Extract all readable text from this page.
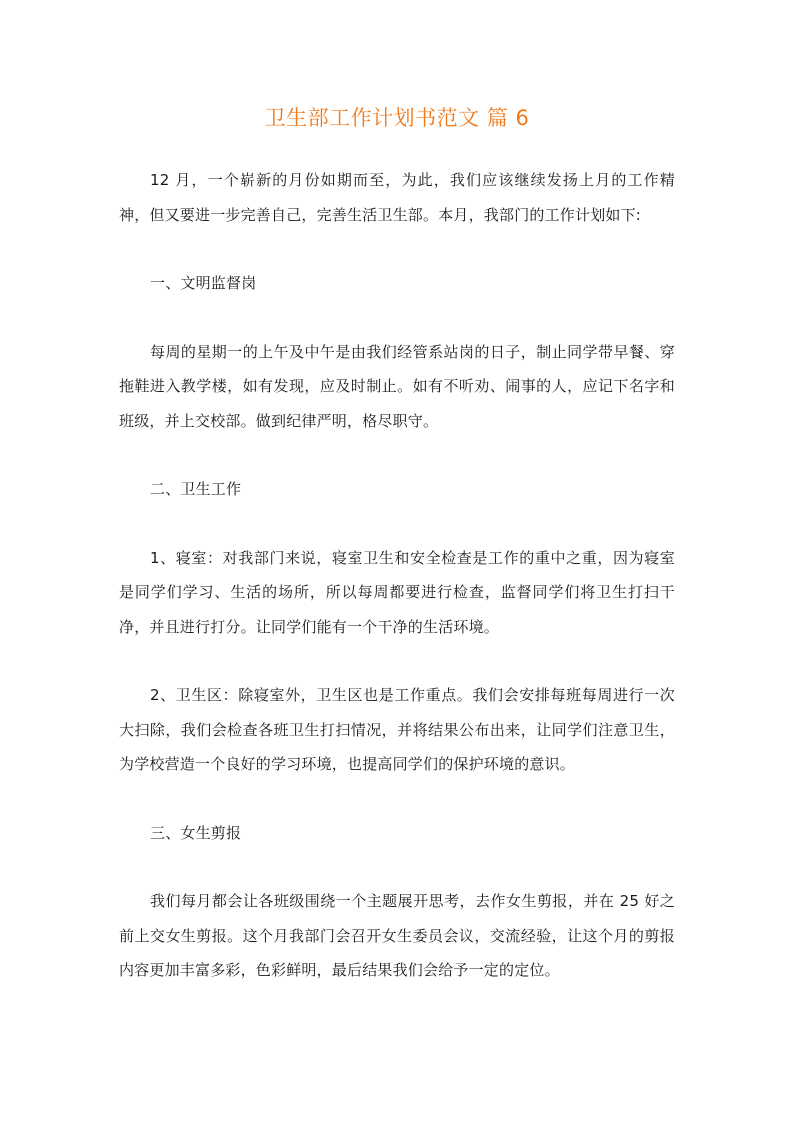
卫生部工作计划书范文 篇 6

12 月，一个崭新的月份如期而至，为此，我们应该继续发扬上月的工作精神，但又要进一步完善自己，完善生活卫生部。本月，我部门的工作计划如下:

一、文明监督岗

每周的星期一的上午及中午是由我们经管系站岗的日子，制止同学带早餐、穿拖鞋进入教学楼，如有发现，应及时制止。如有不听劝、闹事的人，应记下名字和班级，并上交校部。做到纪律严明，格尽职守。

二、卫生工作

1、寝室：对我部门来说，寝室卫生和安全检查是工作的重中之重，因为寝室是同学们学习、生活的场所，所以每周都要进行检查，监督同学们将卫生打扫干净，并且进行打分。让同学们能有一个干净的生活环境。

2、卫生区：除寝室外，卫生区也是工作重点。我们会安排每班每周进行一次大扫除，我们会检查各班卫生打扫情况，并将结果公布出来，让同学们注意卫生，为学校营造一个良好的学习环境，也提高同学们的保护环境的意识。

三、女生剪报

我们每月都会让各班级围绕一个主题展开思考，去作女生剪报，并在 25 好之前上交女生剪报。这个月我部门会召开女生委员会议，交流经验，让这个月的剪报内容更加丰富多彩，色彩鲜明，最后结果我们会给予一定的定位。
